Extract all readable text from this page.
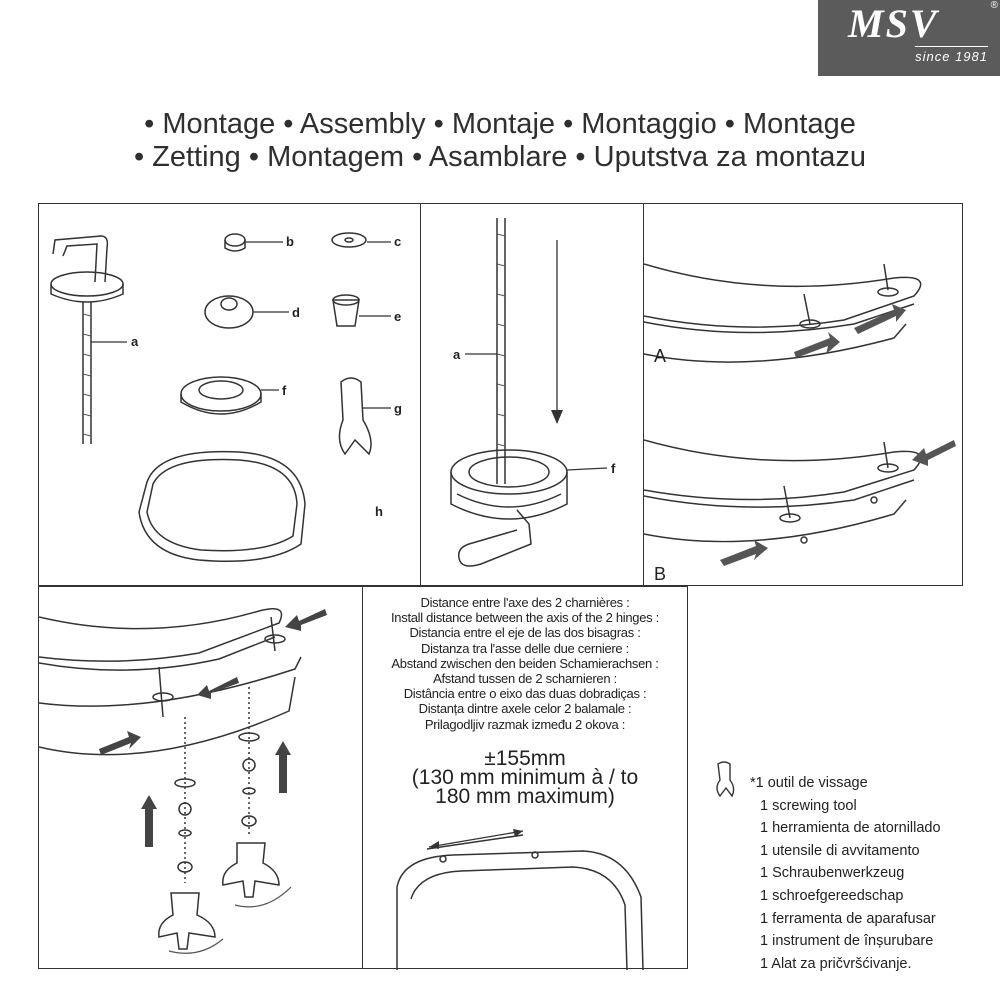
MSV	®
since 1981
• Montage • Assembly • Montaje • Montaggio • Montage
• Zetting • Montagem • Asamblare • Uputstva za montazu
a
b	c
d	e
f
g
h
a
f
A
B
Distance entre l'axe des 2 charnières :
Install distance between the axis of the 2 hinges :
Distancia entre el eje de las dos bisagras :
Distanza tra l'asse delle due cerniere :
Abstand zwischen den beiden Schamierachsen :
Afstand tussen de 2 scharnieren :
Distância entre o eixo das duas dobradiças :
Distanța dintre axele celor 2 balamale :
Prilagodljiv razmak između 2 okova :
±155mm
(130 mm minimum à / to
180 mm maximum)
*1 outil de vissage
1 screwing tool
1 herramienta de atornillado
1 utensile di avvitamento
1 Schraubenwerkzeug
1 schroefgereedschap
1 ferramenta de aparafusar
1 instrument de înșurubare
1 Alat za pričvršćivanje.
